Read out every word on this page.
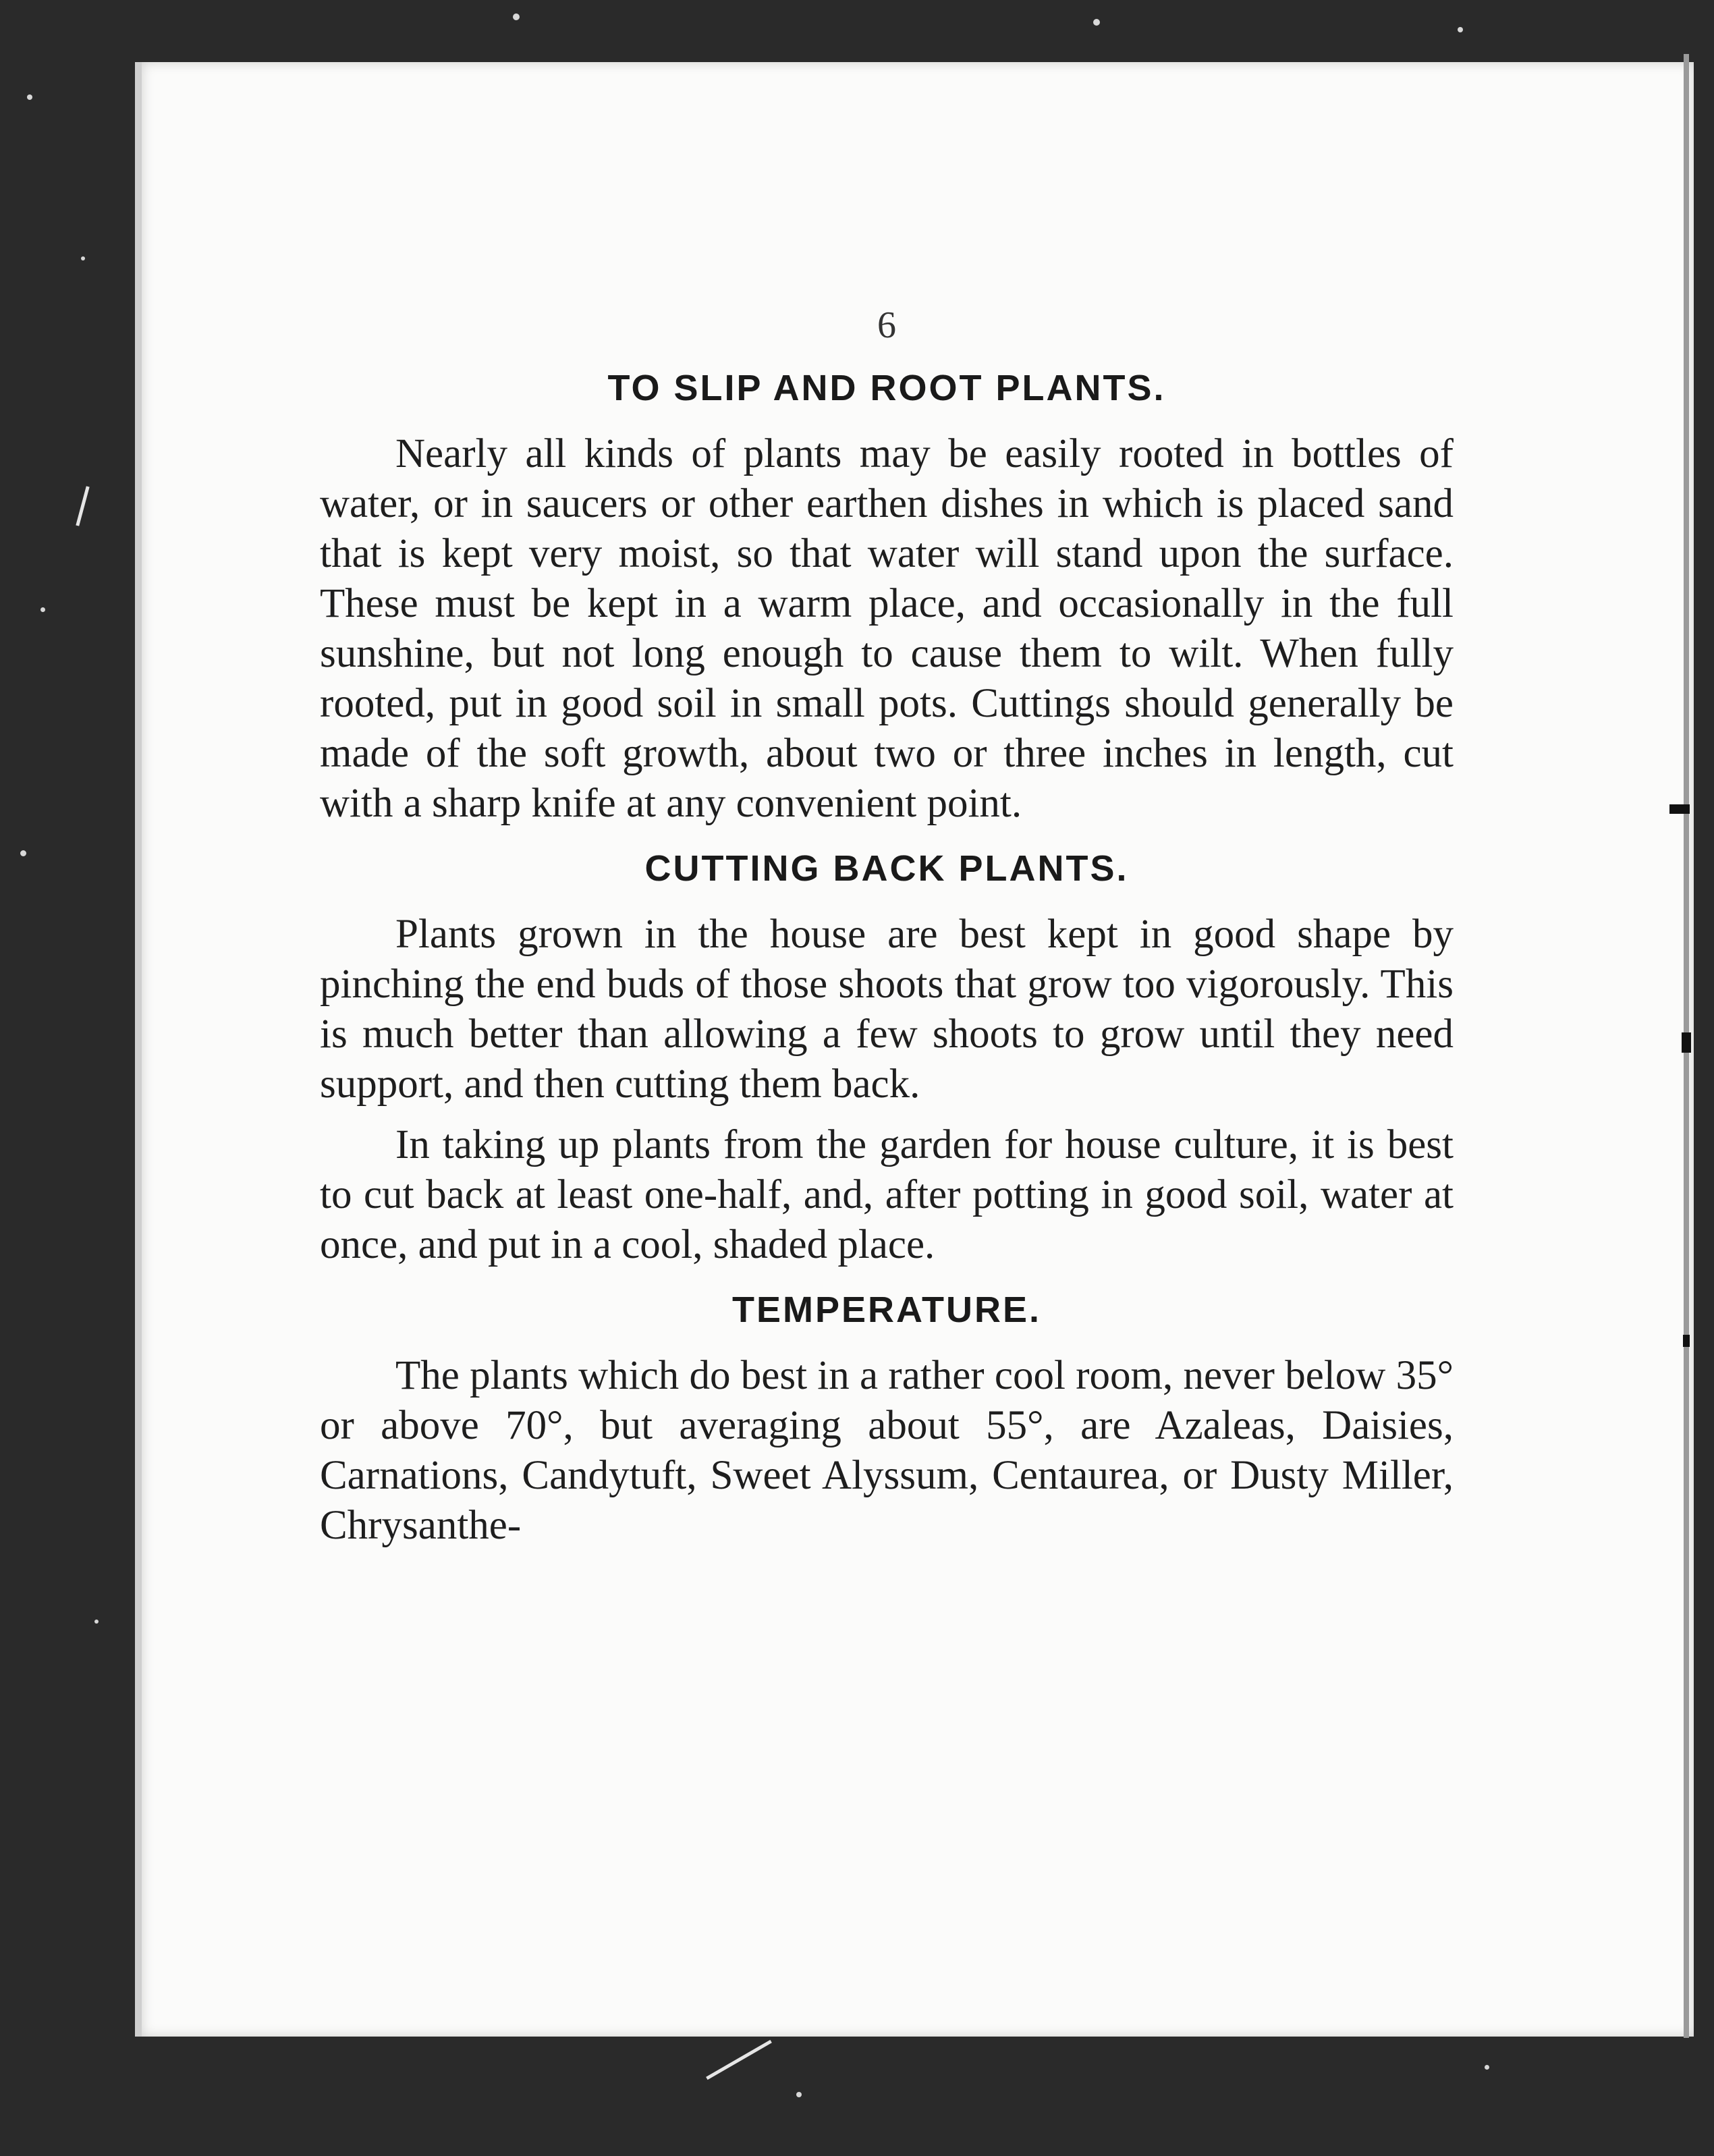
6
TO SLIP AND ROOT PLANTS.

Nearly all kinds of plants may be easily rooted in bottles of water, or in saucers or other earthen dishes in which is placed sand that is kept very moist, so that water will stand upon the surface. These must be kept in a warm place, and occasionally in the full sunshine, but not long enough to cause them to wilt. When fully rooted, put in good soil in small pots. Cuttings should generally be made of the soft growth, about two or three inches in length, cut with a sharp knife at any convenient point.

CUTTING BACK PLANTS.

Plants grown in the house are best kept in good shape by pinching the end buds of those shoots that grow too vigorously. This is much better than allowing a few shoots to grow until they need support, and then cutting them back.

In taking up plants from the garden for house culture, it is best to cut back at least one-half, and, after potting in good soil, water at once, and put in a cool, shaded place.

TEMPERATURE.

The plants which do best in a rather cool room, never below 35° or above 70°, but averaging about 55°, are Azaleas, Daisies, Carnations, Candytuft, Sweet Alyssum, Centaurea, or Dusty Miller, Chrysanthe-
